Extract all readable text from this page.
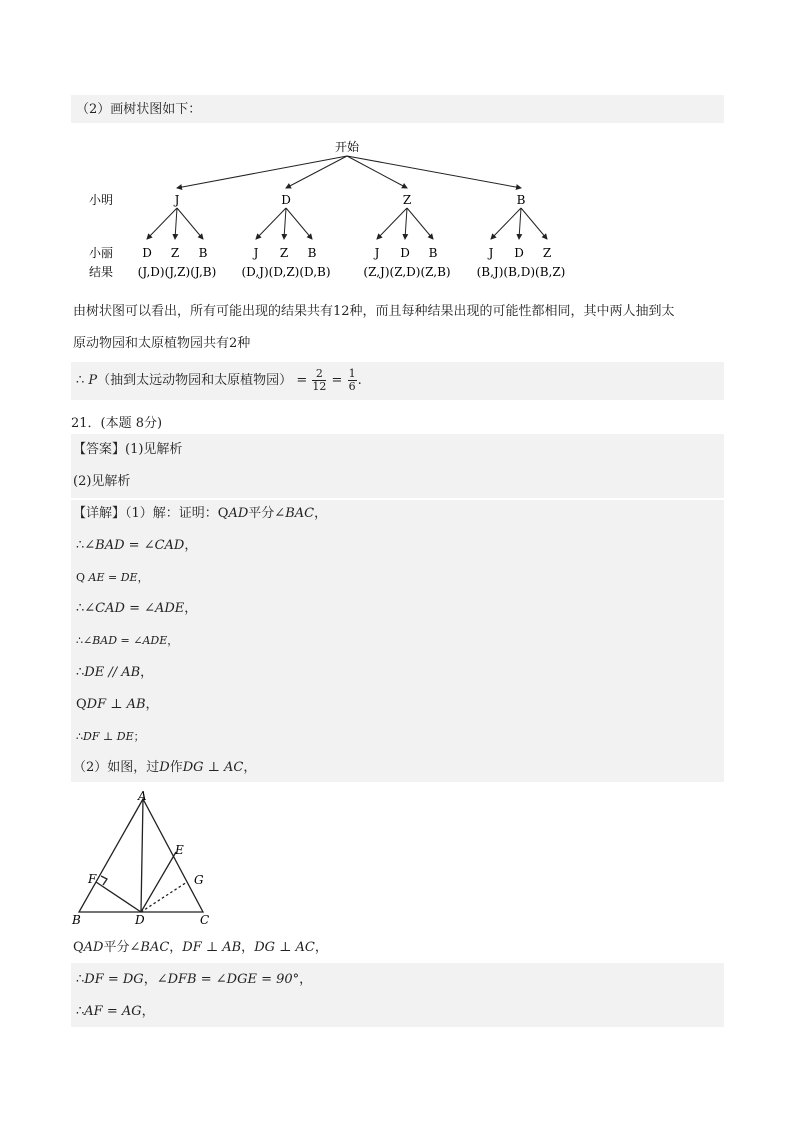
（2）画树状图如下：
开始
小明
小丽
结果
J
D Z B
(J,D)(J,Z)(J,B)
D
J Z B
(D,J)(D,Z)(D,B)
Z
J D B
(Z,J)(Z,D)(Z,B)
B
J D Z
(B,J)(B,D)(B,Z)
由树状图可以看出，所有可能出现的结果共有12种，而且每种结果出现的可能性都相同，其中两人抽到太
原动物园和太原植物园共有2种
∴ P（抽到太远动物园和太原植物园） = $\frac{2}{12} = \frac{1}{6}$ .
21．(本题 8分)
【答案】(1)见解析
(2)见解析
【详解】（1）解：证明：QAD平分∠BAC，
∴∠BAD = ∠CAD，
Q AE = DE，
∴∠CAD = ∠ADE，
∴∠BAD = ∠ADE，
∴DE // AB，
QDF ⊥ AB，
∴DF ⊥ DE；
（2）如图，过D作DG ⊥ AC，
A
B	C
D
E
F	G
QAD平分∠BAC，DF ⊥ AB，DG ⊥ AC，
∴DF = DG，∠DFB = ∠DGE = 90°，
∴AF = AG，
